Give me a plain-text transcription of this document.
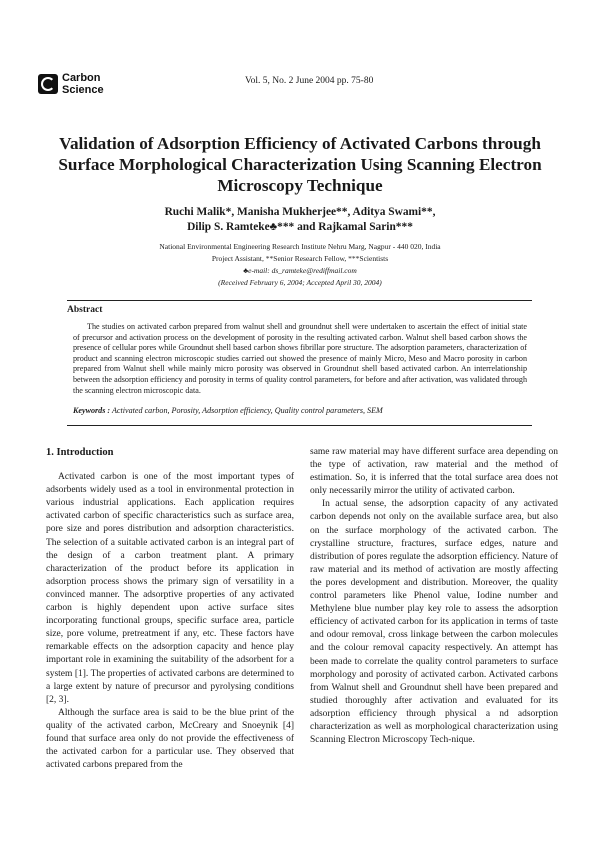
Carbon
Science
Vol. 5, No. 2 June 2004 pp. 75-80
Validation of Adsorption Efficiency of Activated Carbons through Surface Morphological Characterization Using Scanning Electron Microscopy Technique
Ruchi Malik*, Manisha Mukherjee**, Aditya Swami**,
Dilip S. Ramteke♣*** and Rajkamal Sarin***
National Environmental Engineering Research Institute Nehru Marg, Nagpur - 440 020, India
Project Assistant, **Senior Research Fellow, ***Scientists
♣e-mail: ds_ramteke@rediffmail.com
(Received February 6, 2004; Accepted April 30, 2004)
Abstract
The studies on activated carbon prepared from walnut shell and groundnut shell were undertaken to ascertain the effect of initial state of precursor and activation process on the development of porosity in the resulting activated carbon. Walnut shell based carbon shows the presence of cellular pores while Groundnut shell based carbon shows fibrillar pore structure. The adsorption parameters, characterization of product and scanning electron microscopic studies carried out showed the presence of mainly Micro, Meso and Macro porosity in carbon prepared from Walnut shell while mainly micro porosity was observed in Groundnut shell based activated carbon. An interrelationship between the adsorption efficiency and porosity in terms of quality control parameters, for before and after activation, was validated through the scanning electron microscopic data.
Keywords : Activated carbon, Porosity, Adsorption efficiency, Quality control parameters, SEM
1. Introduction

Activated carbon is one of the most important types of adsorbents widely used as a tool in environmental protection in various industrial applications. Each application requires activated carbon of specific characteristics such as surface area, pore size and pores distribution and adsorption characteristics. The selection of a suitable activated carbon is an integral part of the design of a carbon treatment plant. A primary characterization of the product before its application in adsorption process shows the primary sign of versatility in a convinced manner. The adsorptive properties of any activated carbon is highly dependent upon active surface sites incorporating functional groups, specific surface area, particle size, pore volume, pretreatment if any, etc. These factors have remarkable effects on the adsorption capacity and hence play important role in examining the suitability of the adsorbent for a system [1]. The properties of activated carbons are determined to a large extent by nature of precursor and pyrolysing conditions [2, 3].

Although the surface area is said to be the blue print of the quality of the activated carbon, McCreary and Snoeynik [4] found that surface area only do not provide the effectiveness of the activated carbon for a particular use. They observed that activated carbons prepared from the

same raw material may have different surface area depending on the type of activation, raw material and the method of estimation. So, it is inferred that the total surface area does not only necessarily mirror the utility of activated carbon.

In actual sense, the adsorption capacity of any activated carbon depends not only on the available surface area, but also on the surface morphology of the activated carbon. The crystalline structure, fractures, surface edges, nature and distribution of pores regulate the adsorption efficiency. Nature of raw material and its method of activation are mostly affecting the pores development and distribution. Moreover, the quality control parameters like Phenol value, Iodine number and Methylene blue number play key role to assess the adsorption efficiency of activated carbon for its application in terms of taste and odour removal, cross linkage between the carbon molecules and the colour removal capacity respectively. An attempt has been made to correlate the quality control parameters to surface morphology and porosity of activated carbon. Activated carbons from Walnut shell and Groundnut shell have been prepared and studied thoroughly after activation and evaluated for its adsorption efficiency through physical a nd adsorption characterization as well as morphological characterization using Scanning Electron Microscopy Tech-nique.
